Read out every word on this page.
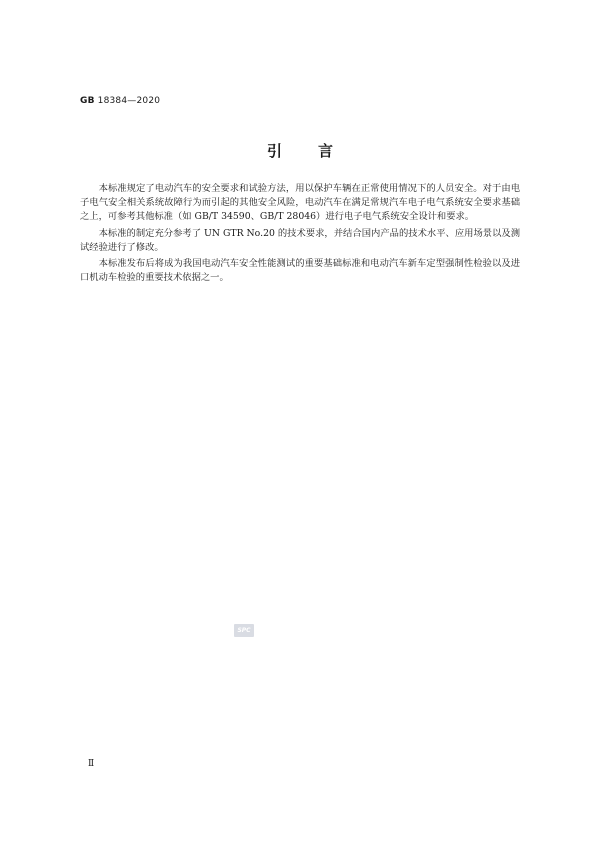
GB 18384—2020
引 言

本标准规定了电动汽车的安全要求和试验方法，用以保护车辆在正常使用情况下的人员安全。对于由电子电气安全相关系统故障行为而引起的其他安全风险，电动汽车在满足常规汽车电子电气系统安全要求基础之上，可参考其他标准（如 GB/T 34590、GB/T 28046）进行电子电气系统安全设计和要求。

本标准的制定充分参考了 UN GTR No.20 的技术要求，并结合国内产品的技术水平、应用场景以及测试经验进行了修改。

本标准发布后将成为我国电动汽车安全性能测试的重要基础标准和电动汽车新车定型强制性检验以及进口机动车检验的重要技术依据之一。

SPC
Ⅱ
